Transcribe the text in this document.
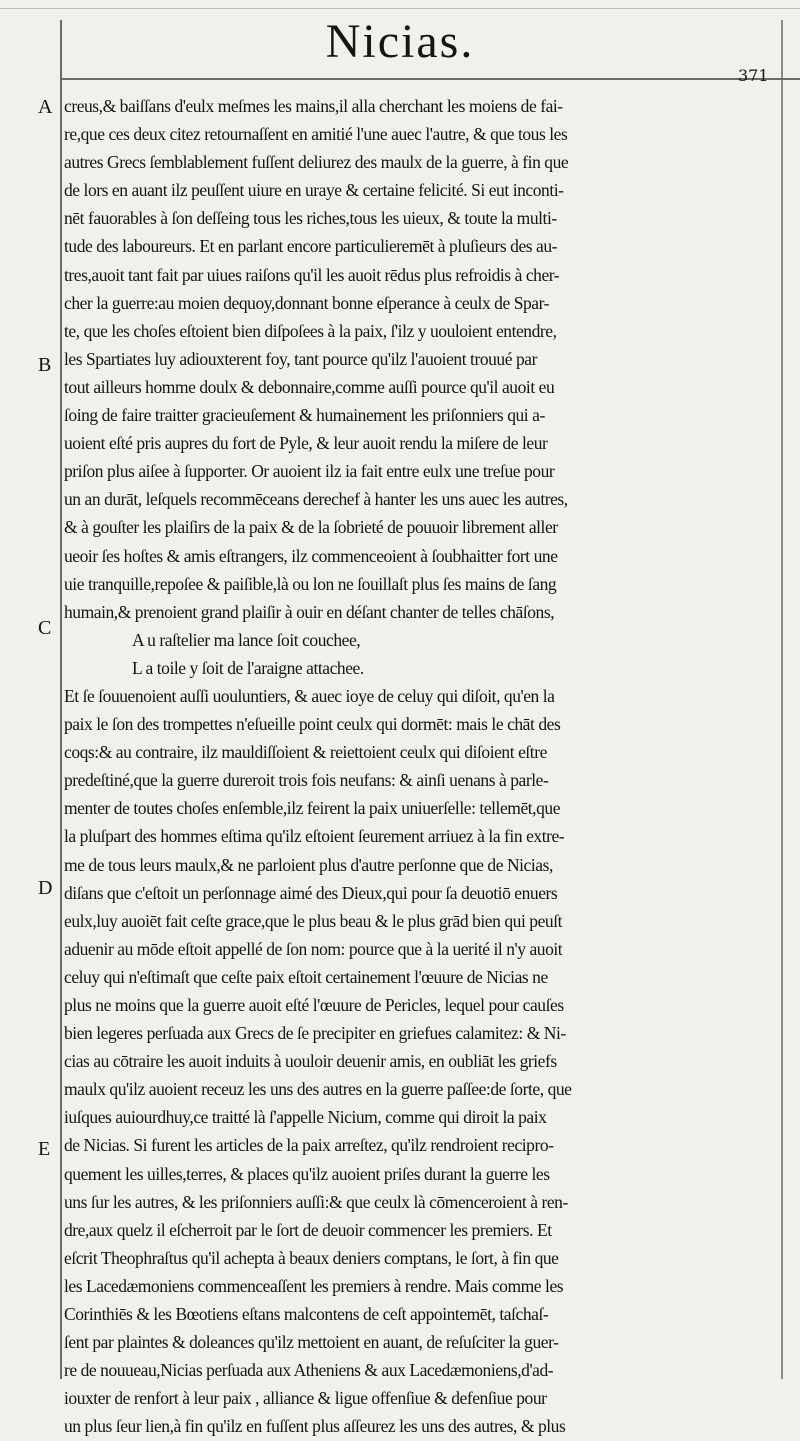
Nicias.
371
A
B
C
D
E
creus,& baiſſans d'eulx meſmes les mains,il alla cherchant les moiens de fai-
re,que ces deux citez retournaſſent en amitié l'une auec l'autre, & que tous les
autres Grecs ſemblablement fuſſent deliurez des maulx de la guerre, à fin que
de lors en auant ilz peuſſent uiure en uraye & certaine felicité. Si eut inconti-
nēt fauorables à ſon deſſeing tous les riches,tous les uieux, & toute la multi-
tude des laboureurs. Et en parlant encore particulieremēt à pluſieurs des au-
tres,auoit tant fait par uiues raiſons qu'il les auoit rēdus plus refroidis à cher-
cher la guerre:au moien dequoy,donnant bonne eſperance à ceulx de Spar-
te, que les choſes eſtoient bien diſpoſees à la paix, ſ'ilz y uouloient entendre,
les Spartiates luy adiouxterent foy, tant pource qu'ilz l'auoient trouué par
tout ailleurs homme doulx & debonnaire,comme auſſi pource qu'il auoit eu
ſoing de faire traitter gracieuſement & humainement les priſonniers qui a-
uoient eſté pris aupres du fort de Pyle, & leur auoit rendu la miſere de leur
priſon plus aiſee à ſupporter. Or auoient ilz ia fait entre eulx une treſue pour
un an durāt, leſquels recommēceans derechef à hanter les uns auec les autres,
& à gouſter les plaiſirs de la paix & de la ſobrieté de pouuoir librement aller
ueoir ſes hoſtes & amis eſtrangers, ilz commenceoient à ſoubhaitter fort une
uie tranquille,repoſee & paiſible,là ou lon ne ſouillaſt plus ſes mains de ſang
humain,& prenoient grand plaiſir à ouir en déſant chanter de telles chāſons,
A u raſtelier ma lance ſoit couchee,
L a toile y ſoit de l'araigne attachee.
Et ſe ſouuenoient auſſi uouluntiers, & auec ioye de celuy qui diſoit, qu'en la
paix le ſon des trompettes n'eſueille point ceulx qui dormēt: mais le chāt des
coqs:& au contraire, ilz mauldiſſoient & reiettoient ceulx qui diſoient eſtre
predeſtiné,que la guerre dureroit trois fois neufans: & ainſi uenans à parle-
menter de toutes choſes enſemble,ilz feirent la paix uniuerſelle: tellemēt,que
la pluſpart des hommes eſtima qu'ilz eſtoient ſeurement arriuez à la fin extre-
me de tous leurs maulx,& ne parloient plus d'autre perſonne que de Nicias,
diſans que c'eſtoit un perſonnage aimé des Dieux,qui pour ſa deuotiō enuers
eulx,luy auoiēt fait ceſte grace,que le plus beau & le plus grād bien qui peuſt
aduenir au mōde eſtoit appellé de ſon nom: pource que à la uerité il n'y auoit
celuy qui n'eſtimaſt que ceſte paix eſtoit certainement l'œuure de Nicias ne
plus ne moins que la guerre auoit eſté l'œuure de Pericles, lequel pour cauſes
bien legeres perſuada aux Grecs de ſe precipiter en griefues calamitez: & Ni-
cias au cōtraire les auoit induits à uouloir deuenir amis, en oubliāt les griefs
maulx qu'ilz auoient receuz les uns des autres en la guerre paſſee:de ſorte, que
iuſques auiourdhuy,ce traitté là ſ'appelle Nicium, comme qui diroit la paix
de Nicias. Si furent les articles de la paix arreſtez, qu'ilz rendroient recipro-
quement les uilles,terres, & places qu'ilz auoient priſes durant la guerre les
uns ſur les autres, & les priſonniers auſſi:& que ceulx là cōmenceroient à ren-
dre,aux quelz il eſcherroit par le ſort de deuoir commencer les premiers. Et
eſcrit Theophraſtus qu'il achepta à beaux deniers comptans, le ſort, à fin que
les Lacedæmoniens commenceaſſent les premiers à rendre. Mais comme les
Corinthiēs & les Bœotiens eſtans malcontens de ceſt appointemēt, taſchaſ-
ſent par plaintes & doleances qu'ilz mettoient en auant, de reſuſciter la guer-
re de nouueau,Nicias perſuada aux Atheniens & aux Lacedæmoniens,d'ad-
iouxter de renfort à leur paix , alliance & ligue offenſiue & defenſiue pour
un plus ſeur lien,à fin qu'ilz en fuſſent plus aſſeurez les uns des autres, & plus
